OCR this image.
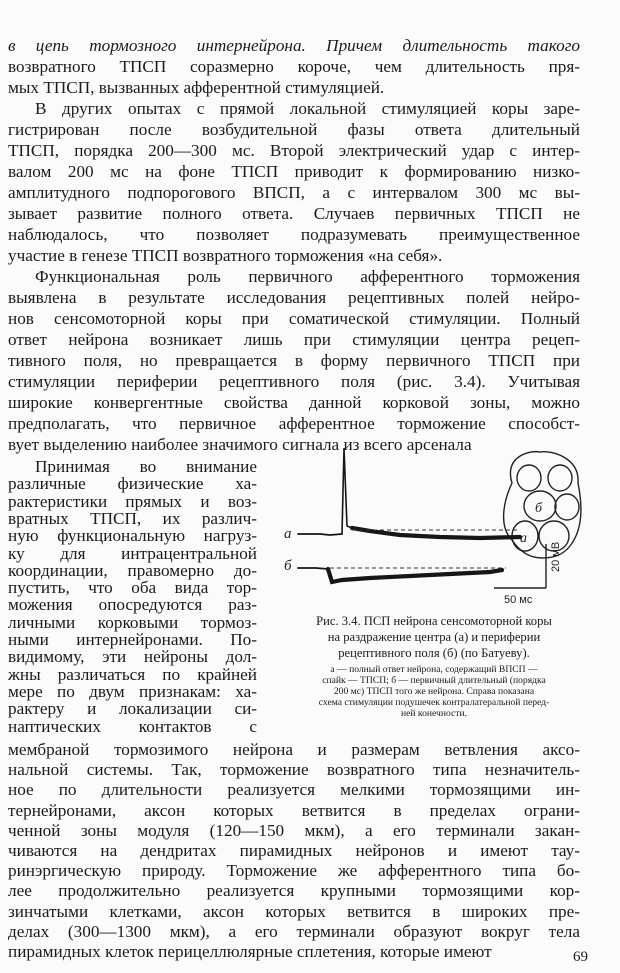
в цепь тормозного интернейрона. Причем длительность такого
возвратного ТПСП соразмерно короче, чем длительность пря-
мых ТПСП, вызванных афферентной стимуляцией.
В других опытах с прямой локальной стимуляцией коры заре-
гистрирован после возбудительной фазы ответа длительный
ТПСП, порядка 200—300 мс. Второй электрический удар с интер-
валом 200 мс на фоне ТПСП приводит к формированию низко-
амплитудного подпорогового ВПСП, а с интервалом 300 мс вы-
зывает развитие полного ответа. Случаев первичных ТПСП не
наблюдалось, что позволяет подразумевать преимущественное
участие в генезе ТПСП возвратного торможения «на себя».
Функциональная роль первичного афферентного торможения
выявлена в результате исследования рецептивных полей нейро-
нов сенсомоторной коры при соматической стимуляции. Полный
ответ нейрона возникает лишь при стимуляции центра рецеп-
тивного поля, но превращается в форму первичного ТПСП при
стимуляции периферии рецептивного поля (рис. 3.4). Учитывая
широкие конвергентные свойства данной корковой зоны, можно
предполагать, что первичное афферентное торможение способст-
вует выделению наиболее значимого сигнала из всего арсенала
мембраной тормозимого нейрона и размерам ветвления аксо-
нальной системы. Так, торможение возвратного типа незначитель-
ное по длительности реализуется мелкими тормозящими ин-
тернейронами, аксон которых ветвится в пределах ограни-
ченной зоны модуля (120—150 мкм), а его терминали закан-
чиваются на дендритах пирамидных нейронов и имеют тау-
ринэргическую природу. Торможение же афферентного типа бо-
лее продолжительно реализуется крупными тормозящими кор-
зинчатыми клетками, аксон которых ветвится в широких пре-
делах (300—1300 мкм), а его терминали образуют вокруг тела
б
а
а
б	20 мВ
50 мс
Рис. 3.4. ПСП нейрона сенсомоторной коры
на раздражение центра (а) и периферии
рецептивного поля (б) (по Батуеву).
а — полный ответ нейрона, содержащий ВПСП —
спайк — ТПСП; б — первичный длительный (порядка
200 мс) ТПСП того же нейрона. Справа показана
схема стимуляции подушечек контралатеральной перед-
ней конечности.
69
Принимая во внимание
различные физические ха-
рактеристики прямых и воз-
вратных ТПСП, их различ-
ную функциональную нагруз-
ку для интрацентральной
координации, правомерно до-
пустить, что оба вида тор-
можения опосредуются раз-
личными корковыми тормоз-
ными интернейронами. По-
видимому, эти нейроны дол-
жны различаться по крайней
мере по двум признакам: ха-
рактеру и локализации си-
наптических контактов с
пирамидных клеток перицеллюлярные сплетения, которые имеют
